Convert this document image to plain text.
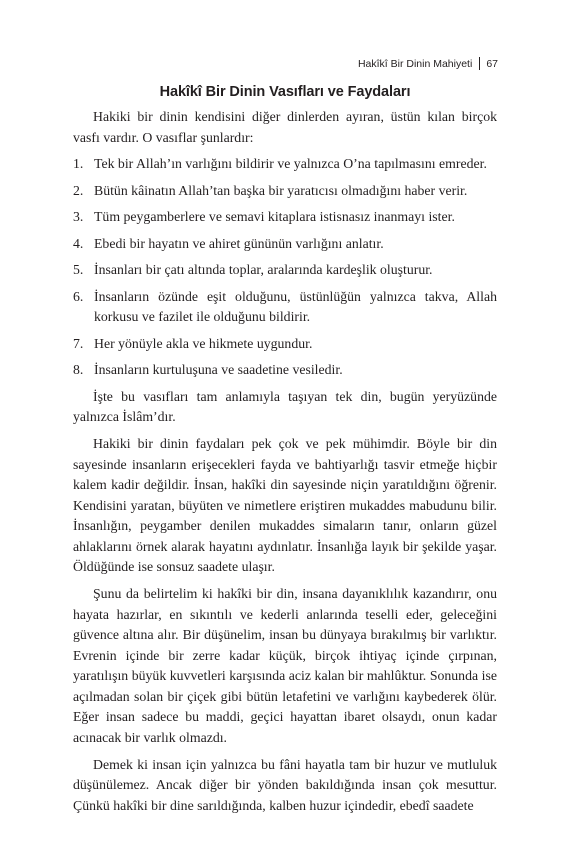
Hakîkî Bir Dinin Mahiyeti 67
Hakîkî Bir Dinin Vasıfları ve Faydaları

Hakiki bir dinin kendisini diğer dinlerden ayıran, üstün kılan birçok vasfı vardır. O vasıflar şunlardır:

1. Tek bir Allah’ın varlığını bildirir ve yalnızca O’na tapılmasını emreder.
2. Bütün kâinatın Allah’tan başka bir yaratıcısı olmadığını haber verir.
3. Tüm peygamberlere ve semavi kitaplara istisnasız inanmayı ister.
4. Ebedi bir hayatın ve ahiret gününün varlığını anlatır.
5. İnsanları bir çatı altında toplar, aralarında kardeşlik oluşturur.
6. İnsanların özünde eşit olduğunu, üstünlüğün yalnızca takva, Allah korkusu ve fazilet ile olduğunu bildirir.
7. Her yönüyle akla ve hikmete uygundur.
8. İnsanların kurtuluşuna ve saadetine vesiledir.

İşte bu vasıfları tam anlamıyla taşıyan tek din, bugün yeryüzünde yalnızca İslâm’dır.

Hakiki bir dinin faydaları pek çok ve pek mühimdir. Böyle bir din sayesinde insanların erişecekleri fayda ve bahtiyarlığı tasvir etmeğe hiçbir kalem kadir değildir. İnsan, hakîki din sayesinde niçin yaratıldığını öğrenir. Kendisini yaratan, büyüten ve nimetlere eriştiren mukaddes mabudunu bilir. İnsanlığın, peygamber denilen mukaddes simaların tanır, onların güzel ahlaklarını örnek alarak hayatını aydınlatır. İnsanlığa layık bir şekilde yaşar. Öldüğünde ise sonsuz saadete ulaşır.

Şunu da belirtelim ki hakîki bir din, insana dayanıklılık kazandırır, onu hayata hazırlar, en sıkıntılı ve kederli anlarında teselli eder, geleceğini güvence altına alır. Bir düşünelim, insan bu dünyaya bırakılmış bir varlıktır. Evrenin içinde bir zerre kadar küçük, birçok ihtiyaç içinde çırpınan, yaratılışın büyük kuvvetleri karşısında aciz kalan bir mahlûktur. Sonunda ise açılmadan solan bir çiçek gibi bütün letafetini ve varlığını kaybederek ölür. Eğer insan sadece bu maddi, geçici hayattan ibaret olsaydı, onun kadar acınacak bir varlık olmazdı.

Demek ki insan için yalnızca bu fâni hayatla tam bir huzur ve mutluluk düşünülemez. Ancak diğer bir yönden bakıldığında insan çok mesuttur. Çünkü hakîki bir dine sarıldığında, kalben huzur içindedir, ebedî saadete
